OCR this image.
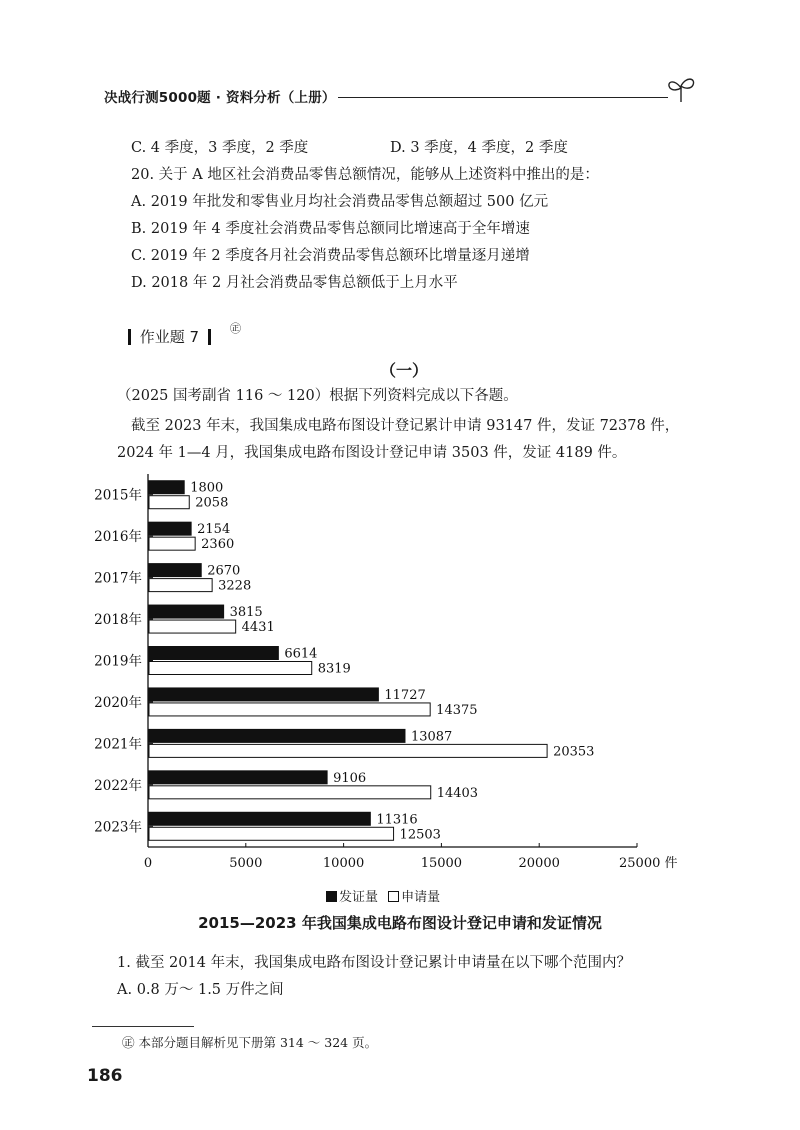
决战行测5000题 · 资料分析（上册）
C. 4 季度，3 季度，2 季度	D. 3 季度，4 季度，2 季度
20. 关于 A 地区社会消费品零售总额情况，能够从上述资料中推出的是：
A. 2019 年批发和零售业月均社会消费品零售总额超过 500 亿元
B. 2019 年 4 季度社会消费品零售总额同比增速高于全年增速
C. 2019 年 2 季度各月社会消费品零售总额环比增量逐月递增
D. 2018 年 2 月社会消费品零售总额低于上月水平
作业题 7	㊣
（一）
（2025 国考副省 116 ～ 120）根据下列资料完成以下各题。
截至 2023 年末，我国集成电路布图设计登记累计申请 93147 件，发证 72378 件，
2024 年 1—4 月，我国集成电路布图设计登记申请 3503 件，发证 4189 件。
0	5000	10000	15000	20000	25000 件
2015年	1800
2058
2016年	2154
2360
2017年	2670
3228
2018年	3815
4431
2019年	6614
8319
2020年	11727
14375
2021年	13087
20353
2022年	9106
14403
2023年	11316
12503
发证量 申请量
2015—2023 年我国集成电路布图设计登记申请和发证情况
1. 截至 2014 年末，我国集成电路布图设计登记累计申请量在以下哪个范围内？
A. 0.8 万～ 1.5 万件之间
㊣ 本部分题目解析见下册第 314 ～ 324 页。
186
